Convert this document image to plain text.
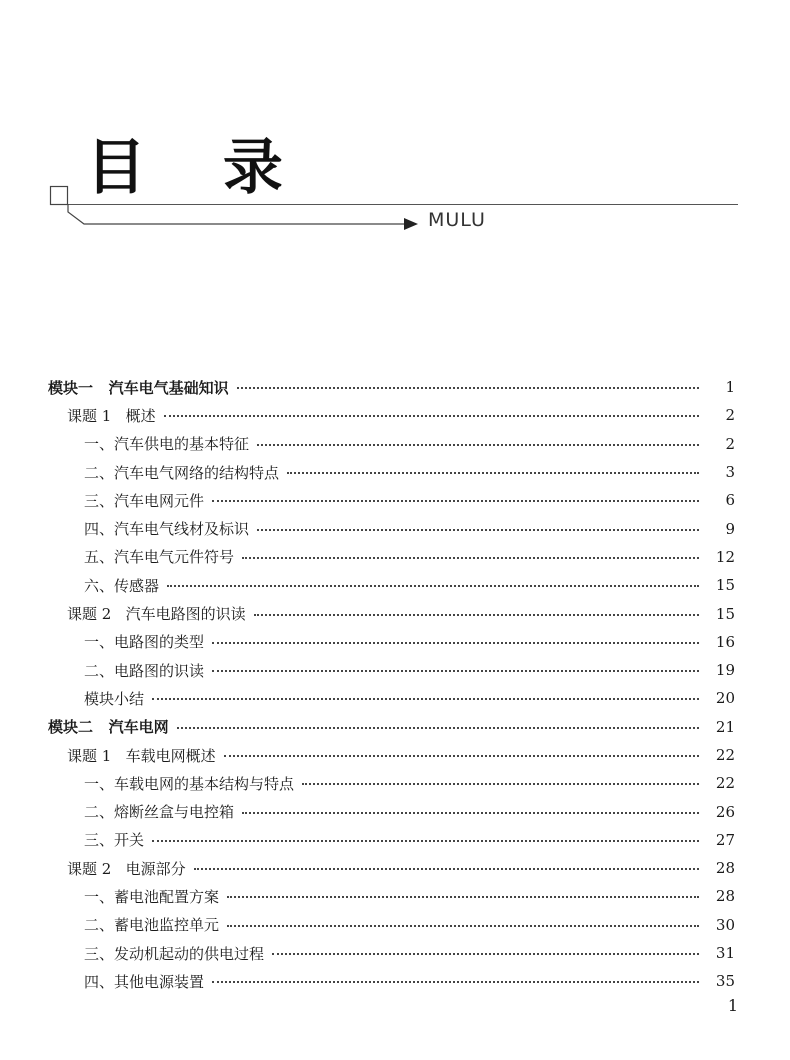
目 录
MULU
模块一   汽车电气基础知识	1
课题 1   概述	2
一、汽车供电的基本特征	2
二、汽车电气网络的结构特点	3
三、汽车电网元件	6
四、汽车电气线材及标识	9
五、汽车电气元件符号	12
六、传感器	15
课题 2   汽车电路图的识读	15
一、电路图的类型	16
二、电路图的识读	19
模块小结	20
模块二   汽车电网	21
课题 1   车载电网概述	22
一、车载电网的基本结构与特点	22
二、熔断丝盒与电控箱	26
三、开关	27
课题 2   电源部分	28
一、蓄电池配置方案	28
二、蓄电池监控单元	30
三、发动机起动的供电过程	31
四、其他电源装置	35
1
